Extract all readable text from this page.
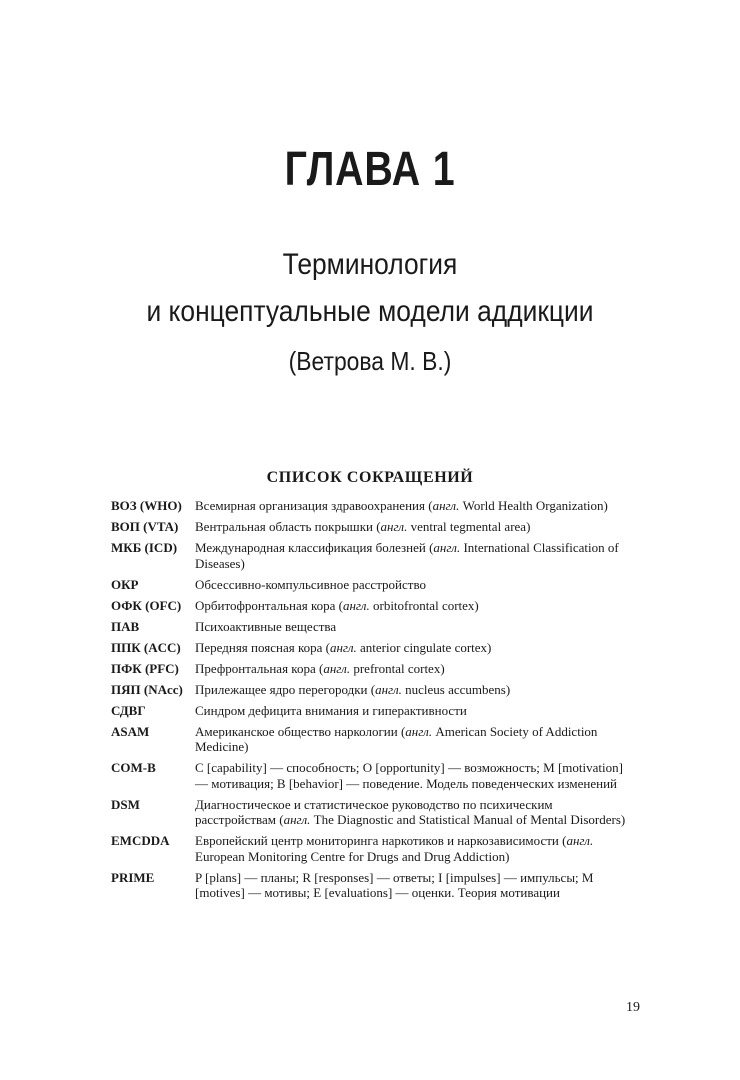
ГЛАВА 1
Терминология
и концептуальные модели аддикции
(Ветрова М. В.)
СПИСОК СОКРАЩЕНИЙ
ВОЗ (WHO)	Всемирная организация здравоохранения (англ. World Health Organization)
ВОП (VTA)	Вентральная область покрышки (англ. ventral tegmental area)
МКБ (ICD)	Международная классификация болезней (англ. International Classification of Diseases)
ОКР	Обсессивно-компульсивное расстройство
ОФК (OFC)	Орбитофронтальная кора (англ. orbitofrontal cortex)
ПАВ	Психоактивные вещества
ППК (ACC)	Передняя поясная кора (англ. anterior cingulate cortex)
ПФК (PFC)	Префронтальная кора (англ. prefrontal cortex)
ПЯП (NAcc) Прилежащее ядро перегородки (англ. nucleus accumbens)
СДВГ	Синдром дефицита внимания и гиперактивности
ASAM	Американское общество наркологии (англ. American Society of Addiction Medicine)
COM-B	C [capability] — способность; O [opportunity] — возможность; M [motivation] — мотивация; B [behavior] — поведение. Модель поведенческих изменений
DSM	Диагностическое и статистическое руководство по психическим расстройствам (англ. The Diagnostic and Statistical Manual of Mental Disorders)
EMCDDA	Европейский центр мониторинга наркотиков и наркозависимости (англ. European Monitoring Centre for Drugs and Drug Addiction)
PRIME	P [plans] — планы; R [responses] — ответы; I [impulses] — импульсы; M [motives] — мотивы; E [evaluations] — оценки. Теория мотивации
19
